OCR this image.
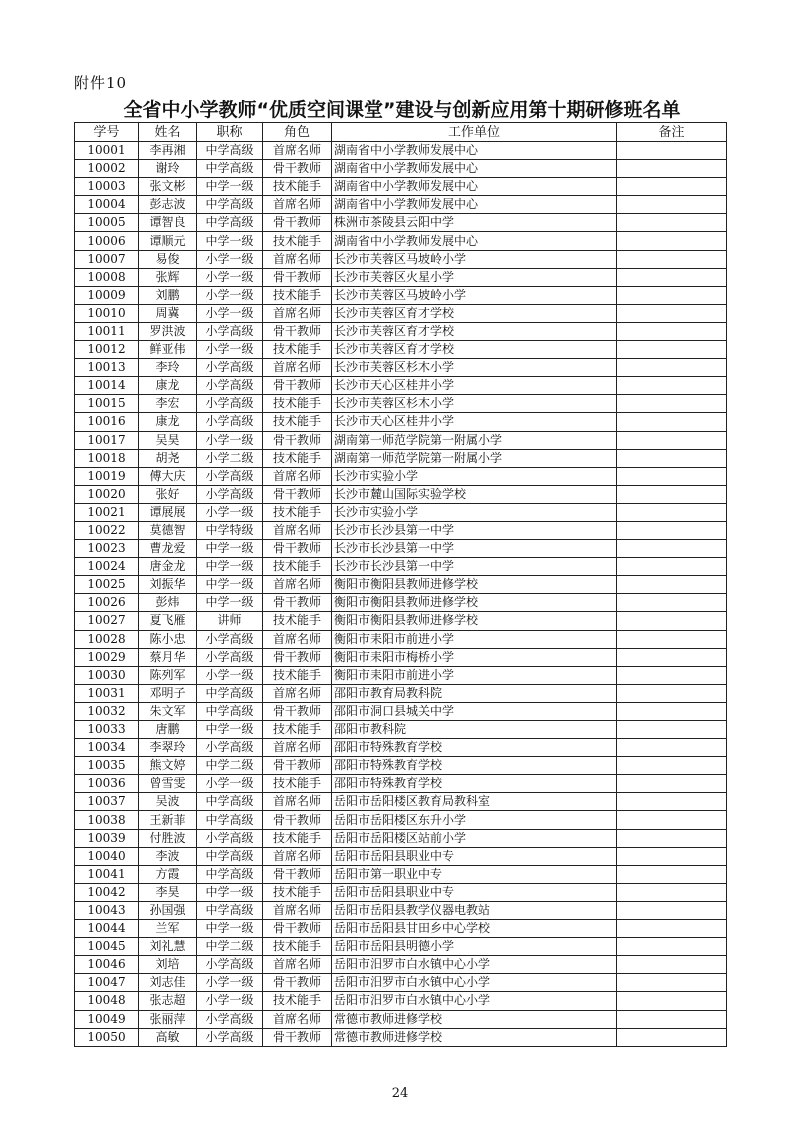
附件10
全省中小学教师“优质空间课堂”建设与创新应用第十期研修班名单
学号	姓名	职称	角色	工作单位	备注
10001	李再湘	中学高级	首席名师	湖南省中小学教师发展中心	
10002	谢玲	中学高级	骨干教师	湖南省中小学教师发展中心	
10003	张文彬	中学一级	技术能手	湖南省中小学教师发展中心	
10004	彭志波	中学高级	首席名师	湖南省中小学教师发展中心	
10005	谭智良	中学高级	骨干教师	株洲市茶陵县云阳中学	
10006	谭顺元	中学一级	技术能手	湖南省中小学教师发展中心	
10007	易俊	小学一级	首席名师	长沙市芙蓉区马坡岭小学	
10008	张辉	小学一级	骨干教师	长沙市芙蓉区火星小学	
10009	刘鹏	小学一级	技术能手	长沙市芙蓉区马坡岭小学	
10010	周冀	小学一级	首席名师	长沙市芙蓉区育才学校	
10011	罗洪波	小学高级	骨干教师	长沙市芙蓉区育才学校	
10012	鲜亚伟	小学一级	技术能手	长沙市芙蓉区育才学校	
10013	李玲	小学高级	首席名师	长沙市芙蓉区杉木小学	
10014	康龙	小学高级	骨干教师	长沙市天心区桂井小学	
10015	李宏	小学高级	技术能手	长沙市芙蓉区杉木小学	
10016	康龙	小学高级	技术能手	长沙市天心区桂井小学	
10017	吴昊	小学一级	骨干教师	湖南第一师范学院第一附属小学	
10018	胡尧	小学二级	技术能手	湖南第一师范学院第一附属小学	
10019	傅大庆	小学高级	首席名师	长沙市实验小学	
10020	张好	小学高级	骨干教师	长沙市麓山国际实验学校	
10021	谭展展	小学一级	技术能手	长沙市实验小学	
10022	莫德智	中学特级	首席名师	长沙市长沙县第一中学	
10023	曹龙爱	中学一级	骨干教师	长沙市长沙县第一中学	
10024	唐金龙	中学一级	技术能手	长沙市长沙县第一中学	
10025	刘振华	中学一级	首席名师	衡阳市衡阳县教师进修学校	
10026	彭炜	中学一级	骨干教师	衡阳市衡阳县教师进修学校	
10027	夏飞雁	讲师	技术能手	衡阳市衡阳县教师进修学校	
10028	陈小忠	小学高级	首席名师	衡阳市耒阳市前进小学	
10029	蔡月华	小学高级	骨干教师	衡阳市耒阳市梅桥小学	
10030	陈列军	小学一级	技术能手	衡阳市耒阳市前进小学	
10031	邓明子	中学高级	首席名师	邵阳市教育局教科院	
10032	朱文军	中学高级	骨干教师	邵阳市洞口县城关中学	
10033	唐鹏	中学一级	技术能手	邵阳市教科院	
10034	李翠玲	小学高级	首席名师	邵阳市特殊教育学校	
10035	熊文婷	中学二级	骨干教师	邵阳市特殊教育学校	
10036	曾雪雯	小学一级	技术能手	邵阳市特殊教育学校	
10037	吴波	中学高级	首席名师	岳阳市岳阳楼区教育局教科室	
10038	王新菲	中学高级	骨干教师	岳阳市岳阳楼区东升小学	
10039	付胜波	小学高级	技术能手	岳阳市岳阳楼区站前小学	
10040	李波	中学高级	首席名师	岳阳市岳阳县职业中专	
10041	方霞	中学高级	骨干教师	岳阳市第一职业中专	
10042	李昊	中学一级	技术能手	岳阳市岳阳县职业中专	
10043	孙国强	中学高级	首席名师	岳阳市岳阳县教学仪器电教站	
10044	兰军	中学一级	骨干教师	岳阳市岳阳县甘田乡中心学校	
10045	刘礼慧	中学二级	技术能手	岳阳市岳阳县明德小学	
10046	刘培	小学高级	首席名师	岳阳市汨罗市白水镇中心小学	
10047	刘志佳	小学一级	骨干教师	岳阳市汨罗市白水镇中心小学	
10048	张志超	小学一级	技术能手	岳阳市汨罗市白水镇中心小学	
10049	张丽萍	小学高级	首席名师	常德市教师进修学校	
10050	高敏	小学高级	骨干教师	常德市教师进修学校	
24
